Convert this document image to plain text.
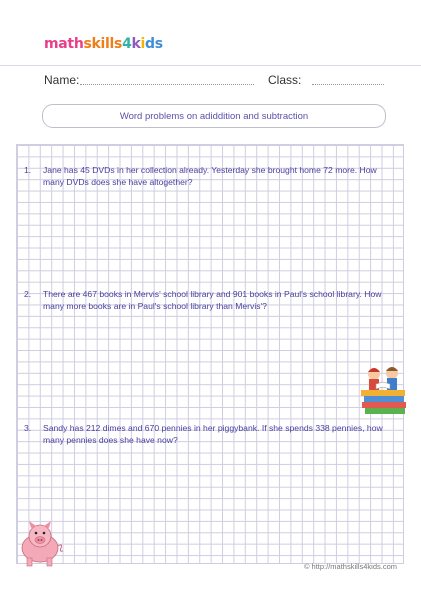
mathskills4kids
Name:	Class:
Word problems on adiddition and subtraction
1. Jane has 45 DVDs in her collection already. Yesterday she brought home 72 more. How many DVDs does she have altogether?
2. There are 467 books in Mervis' school library and 901 books in Paul's school library. How many more books are in Paul's school library than Mervis'?
3. Sandy has 212 dimes and 670 pennies in her piggybank. If she spends 338 pennies, how many pennies does she have now?
© http://mathskills4kids.com
